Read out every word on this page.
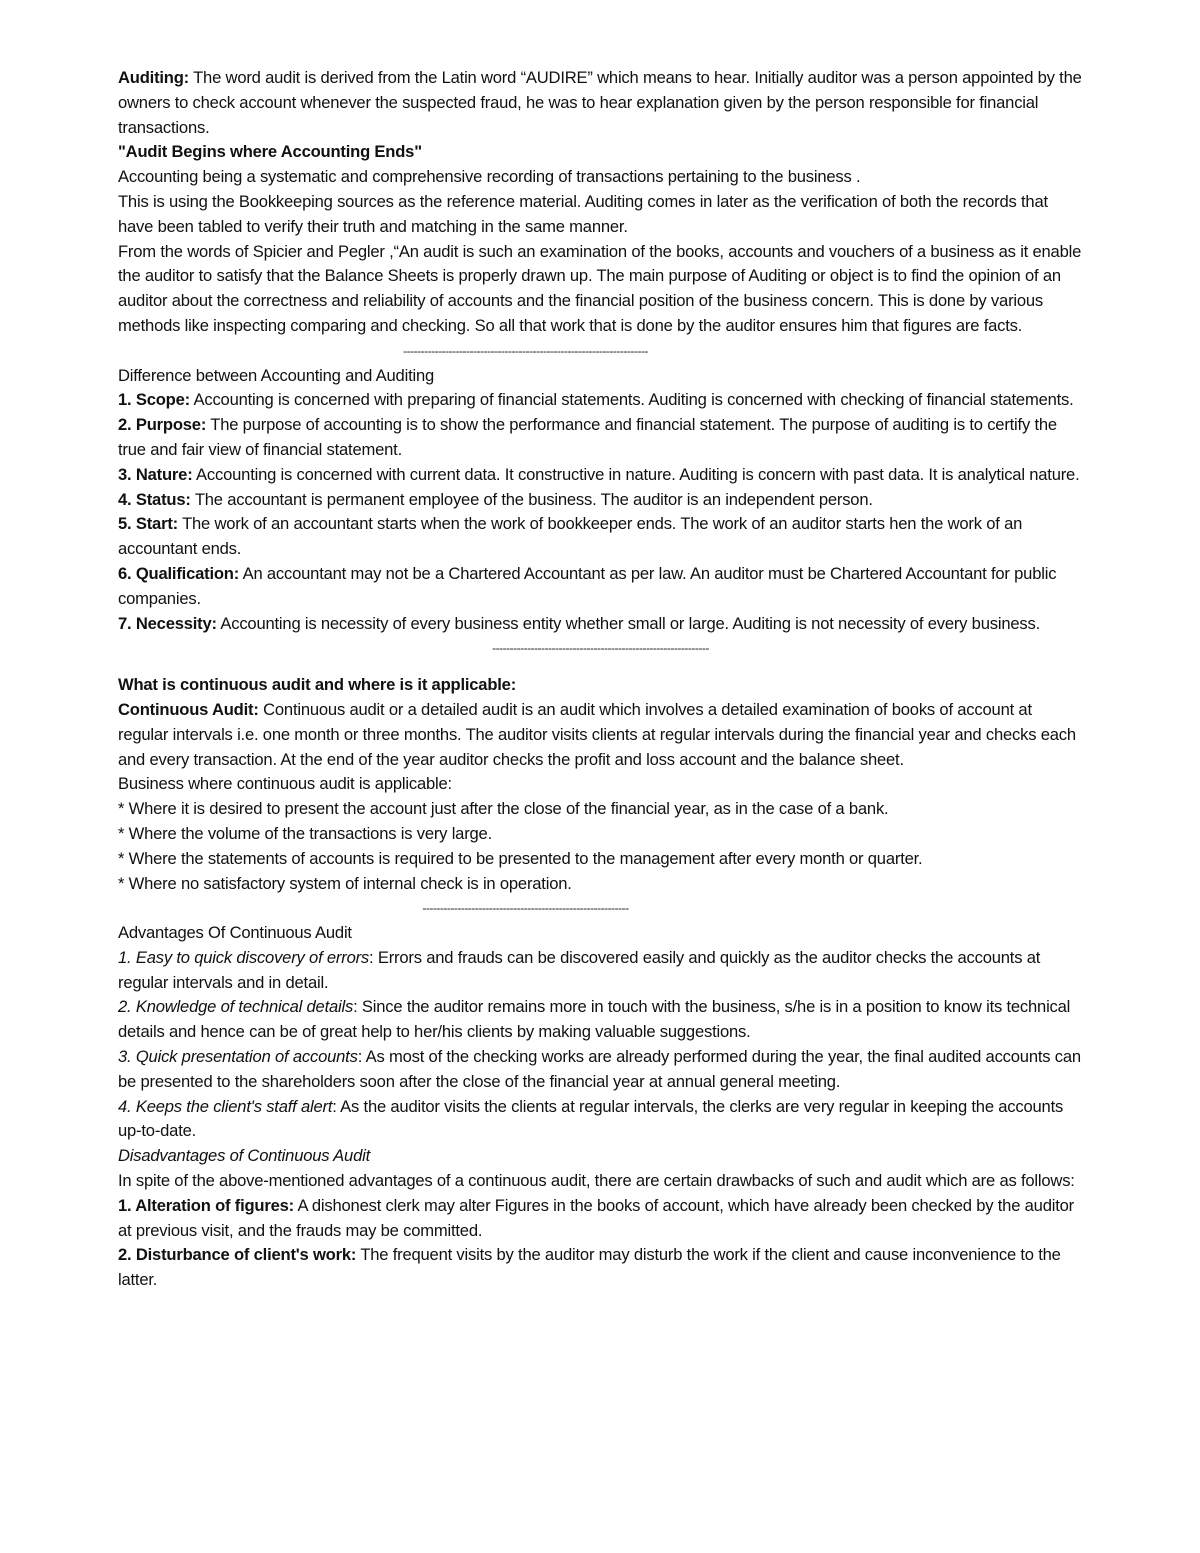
Auditing: The word audit is derived from the Latin word “AUDIRE” which means to hear. Initially auditor was a person appointed by the owners to check account whenever the suspected fraud, he was to hear explanation given by the person responsible for financial transactions.

"Audit Begins where Accounting Ends"

Accounting being a systematic and comprehensive recording of transactions pertaining to the business .

This is using the Bookkeeping sources as the reference material. Auditing comes in later as the verification of both the records that have been tabled to verify their truth and matching in the same manner.

From the words of Spicier and Pegler ,“An audit is such an examination of the books, accounts and vouchers of a business as it enable the auditor to satisfy that the Balance Sheets is properly drawn up. The main purpose of Auditing or object is to find the opinion of an auditor about the correctness and reliability of accounts and the financial position of the business concern. This is done by various methods like inspecting comparing and checking. So all that work that is done by the auditor ensures him that figures are facts.

----------------------------------------------------------------------

Difference between Accounting and Auditing

1. Scope: Accounting is concerned with preparing of financial statements. Auditing is concerned with checking of financial statements.

2. Purpose: The purpose of accounting is to show the performance and financial statement. The purpose of auditing is to certify the true and fair view of financial statement.

3. Nature: Accounting is concerned with current data. It constructive in nature. Auditing is concern with past data. It is analytical nature.

4. Status: The accountant is permanent employee of the business. The auditor is an independent person.

5. Start: The work of an accountant starts when the work of bookkeeper ends. The work of an auditor starts hen the work of an accountant ends.

6. Qualification: An accountant may not be a Chartered Accountant as per law. An auditor must be Chartered Accountant for public companies.

7. Necessity: Accounting is necessity of every business entity whether small or large. Auditing is not necessity of every business.

--------------------------------------------------------------

What is continuous audit and where is it applicable:

Continuous Audit: Continuous audit or a detailed audit is an audit which involves a detailed examination of books of account at regular intervals i.e. one month or three months. The auditor visits clients at regular intervals during the financial year and checks each and every transaction. At the end of the year auditor checks the profit and loss account and the balance sheet.

Business where continuous audit is applicable:

* Where it is desired to present the account just after the close of the financial year, as in the case of a bank.

* Where the volume of the transactions is very large.

* Where the statements of accounts is required to be presented to the management after every month or quarter.

* Where no satisfactory system of internal check is in operation.

-----------------------------------------------------------

Advantages Of Continuous Audit

1. Easy to quick discovery of errors: Errors and frauds can be discovered easily and quickly as the auditor checks the accounts at regular intervals and in detail.

2. Knowledge of technical details: Since the auditor remains more in touch with the business, s/he is in a position to know its technical details and hence can be of great help to her/his clients by making valuable suggestions.

3. Quick presentation of accounts: As most of the checking works are already performed during the year, the final audited accounts can be presented to the shareholders soon after the close of the financial year at annual general meeting.

4. Keeps the client's staff alert: As the auditor visits the clients at regular intervals, the clerks are very regular in keeping the accounts up-to-date.

Disadvantages of Continuous Audit

In spite of the above-mentioned advantages of a continuous audit, there are certain drawbacks of such and audit which are as follows:

1. Alteration of figures: A dishonest clerk may alter Figures in the books of account, which have already been checked by the auditor at previous visit, and the frauds may be committed.

2. Disturbance of client's work: The frequent visits by the auditor may disturb the work if the client and cause inconvenience to the latter.
